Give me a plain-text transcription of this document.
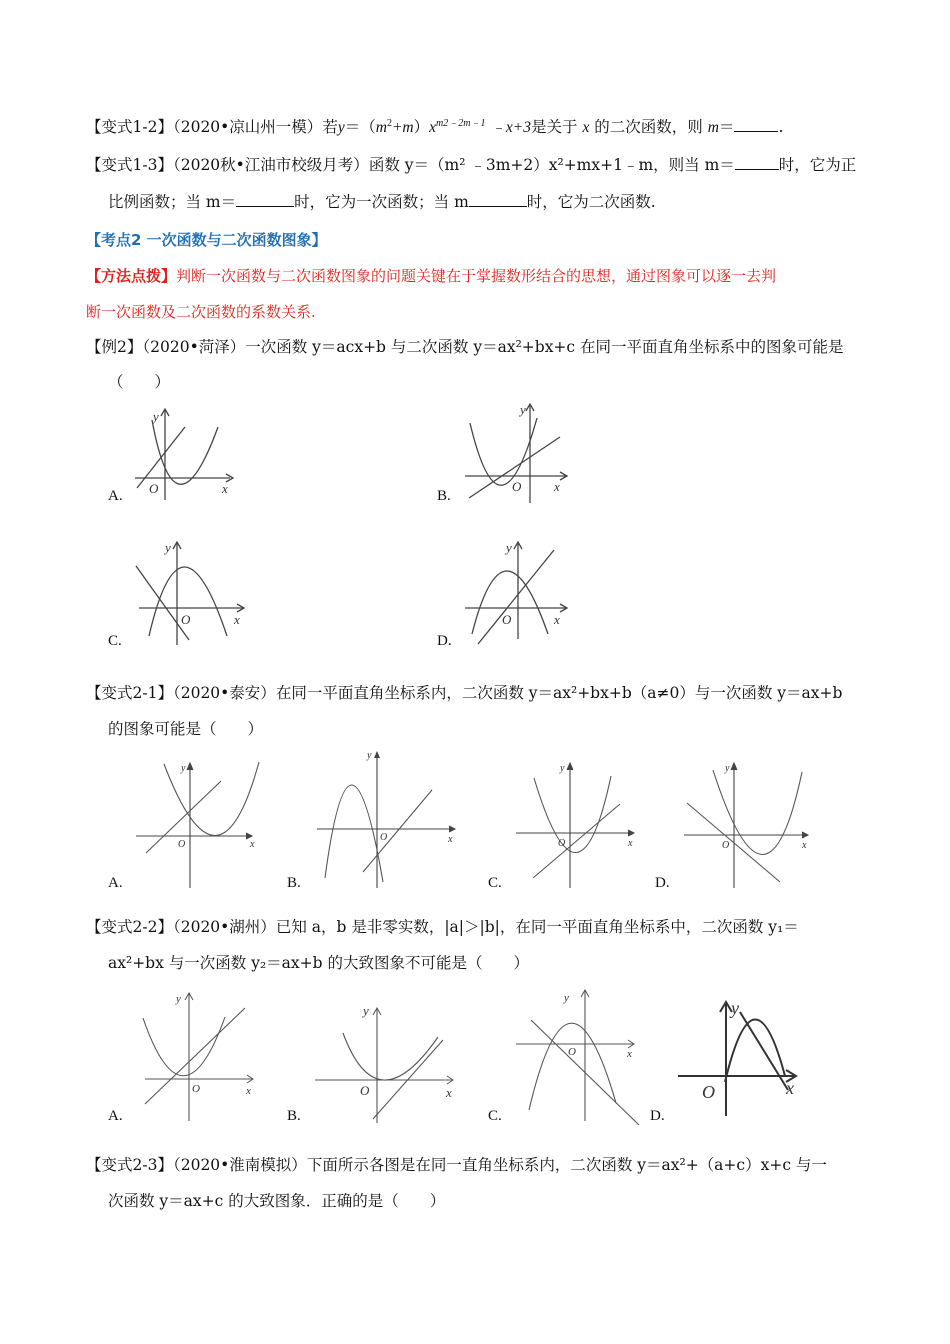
【变式1-2】（2020•凉山州一模）若$y=(m^2+m)x^{m2﹣2m﹣1}$ ﹣x+3是关于 x 的二次函数，则 m＝	.
【变式1-3】（2020秋•江油市校级月考）函数 y＝（m² ﹣3m+2）x²+mx+1﹣m，则当 m＝	时，它为正
比例函数；当 m＝	时，它为一次函数；当 m	时，它为二次函数.
【考点2 一次函数与二次函数图象】
【方法点拨】判断一次函数与二次函数图象的问题关键在于掌握数形结合的思想，通过图象可以逐一去判
断一次函数及二次函数的系数关系.
【例2】（2020•菏泽）一次函数 y＝acx+b 与二次函数 y＝ax²+bx+c 在同一平面直角坐标系中的图象可能是
（　　）
A.
y
O	x	B.
y
O	x
C.
y
O	x
D.
y
O	x
【变式2-1】（2020•泰安）在同一平面直角坐标系内，二次函数 y＝ax²+bx+b（a≠0）与一次函数 y＝ax+b
的图象可能是（　　）
A.
y
O	x
B.
y
O	x
C.
y
O	x
D.
y
O	x
【变式2-2】（2020•湖州）已知 a，b 是非零实数，|a|＞|b|，在同一平面直角坐标系中，二次函数 y₁＝
ax²+bx 与一次函数 y₂＝ax+b 的大致图象不可能是（　　）
A.
y
O	x
B.
y
O	x
C.
y
O	x
D.
y
O	x
【变式2-3】（2020•淮南模拟）下面所示各图是在同一直角坐标系内，二次函数 y＝ax²+（a+c）x+c 与一
次函数 y＝ax+c 的大致图象．正确的是（　　）
